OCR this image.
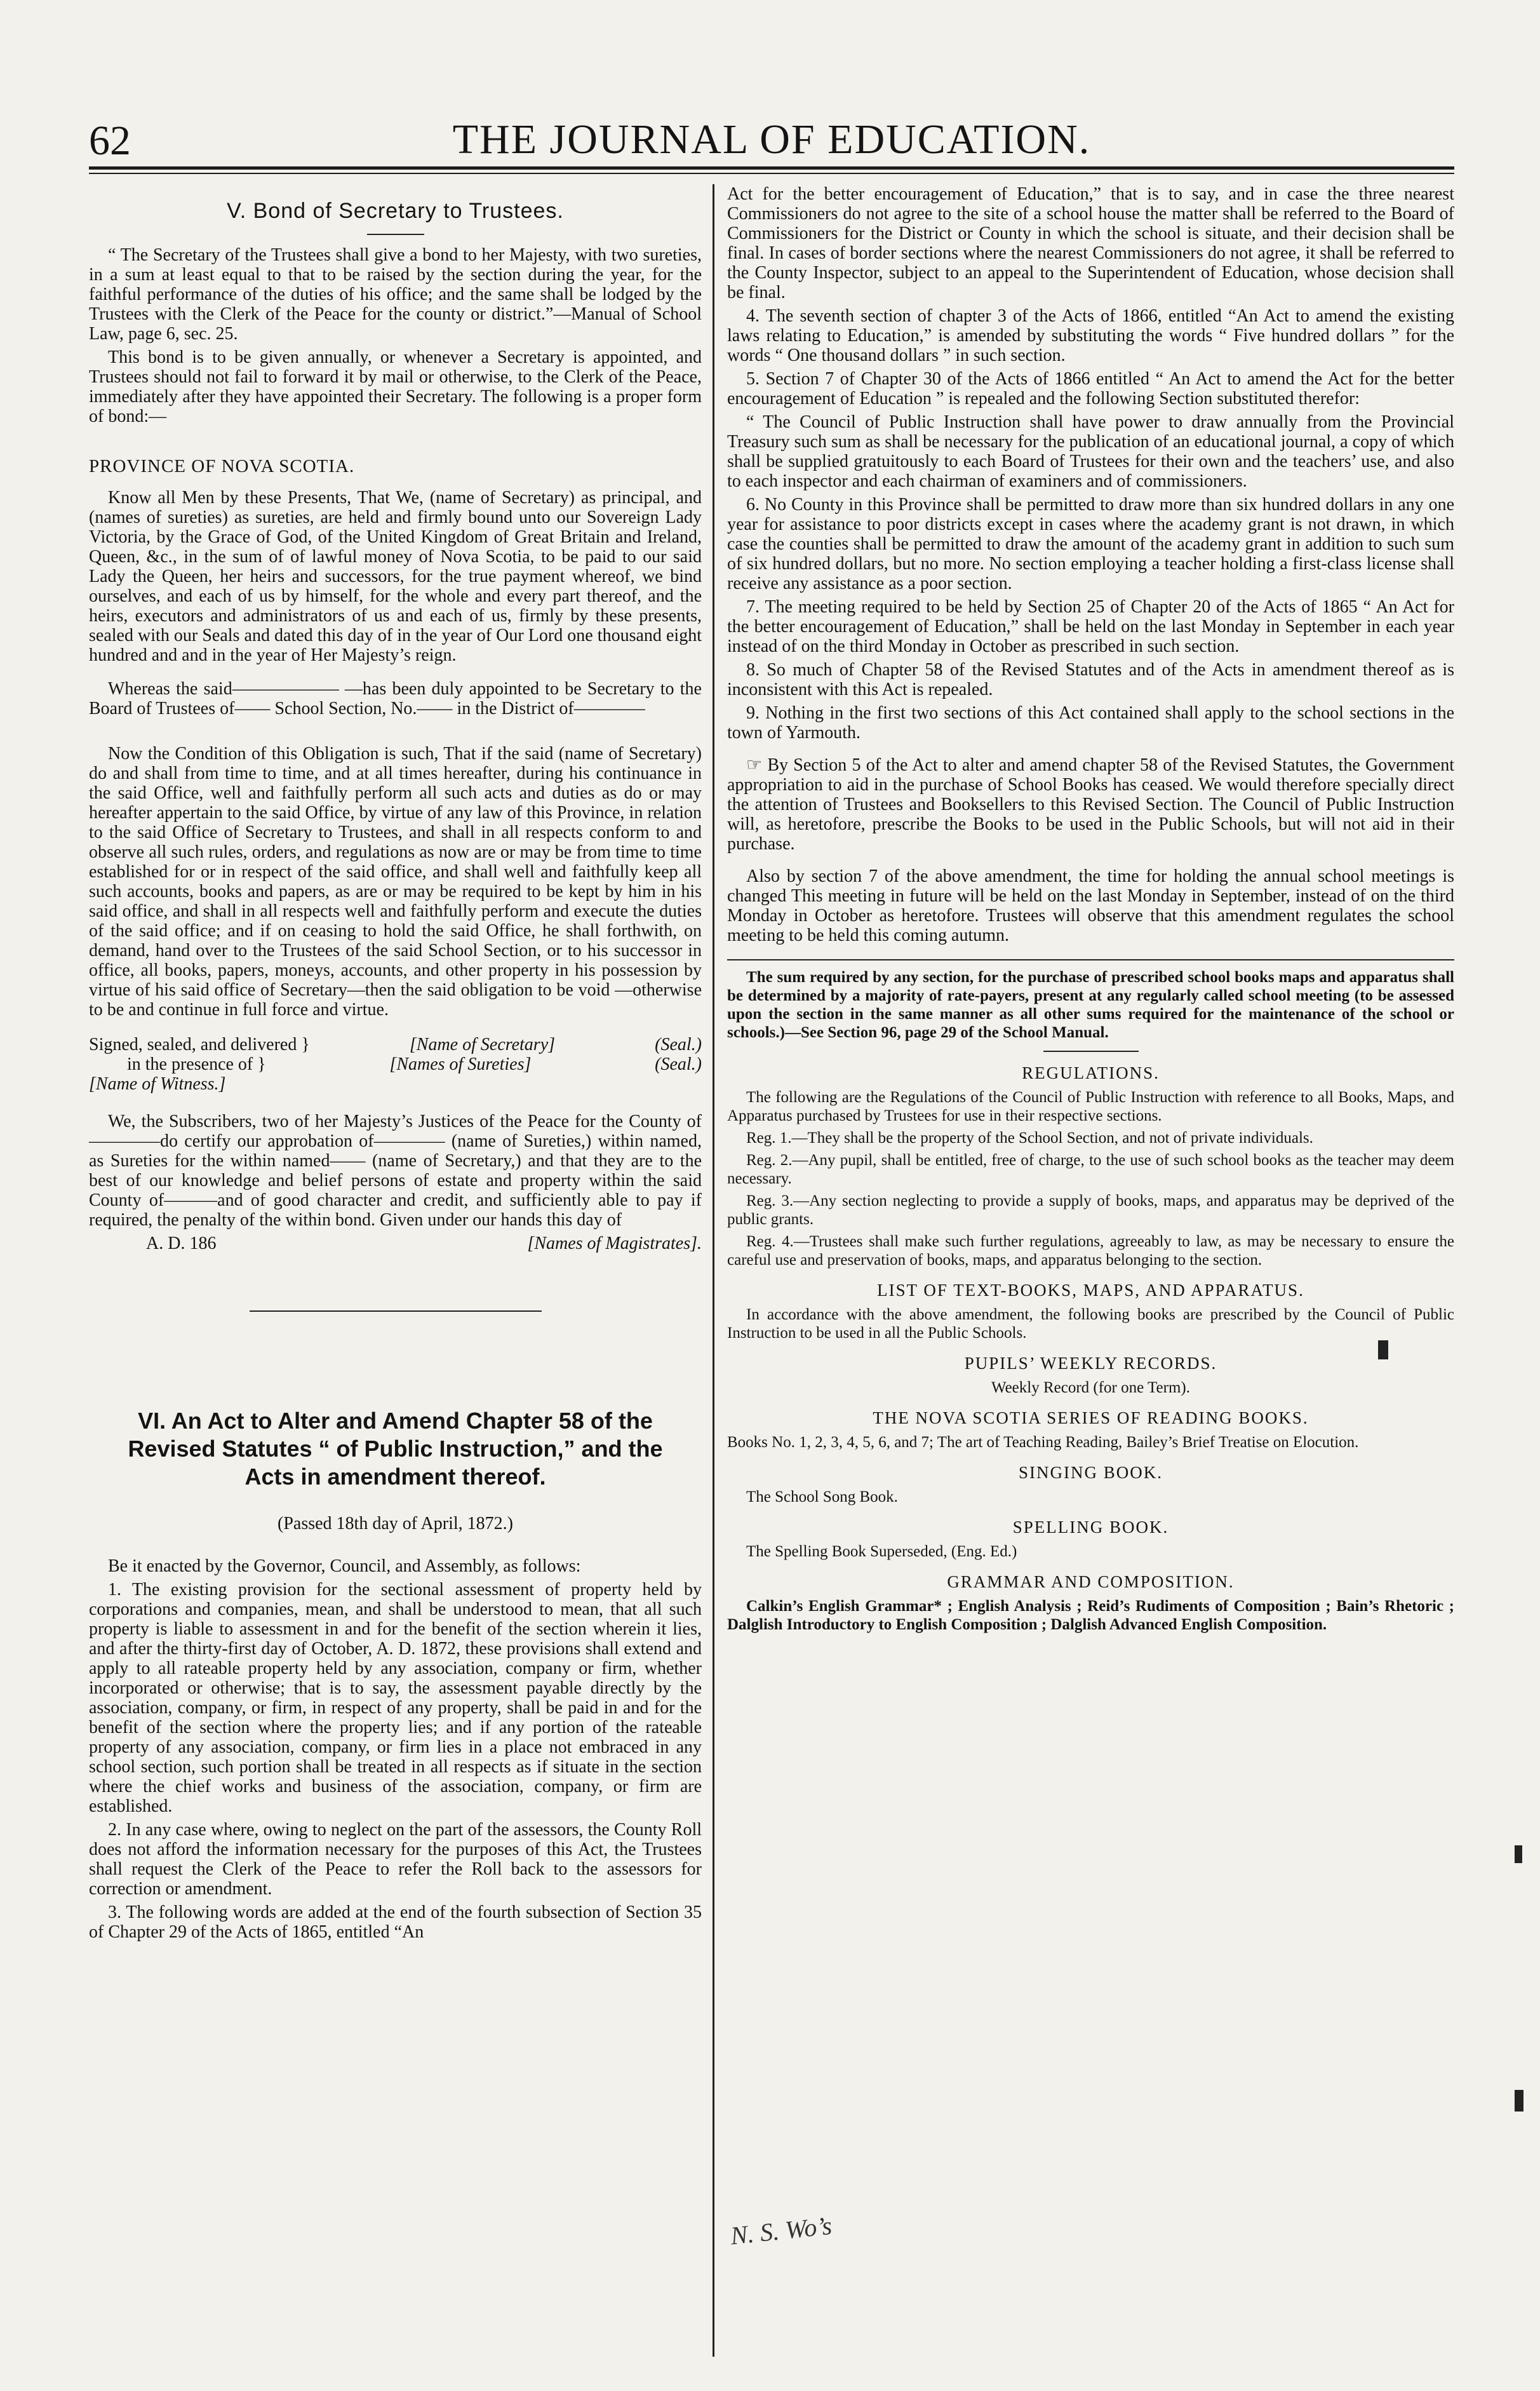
62	THE JOURNAL OF EDUCATION.
V. Bond of Secretary to Trustees.

“ The Secretary of the Trustees shall give a bond to her Majesty, with two sureties, in a sum at least equal to that to be raised by the section during the year, for the faithful performance of the duties of his office; and the same shall be lodged by the Trustees with the Clerk of the Peace for the county or district.”—Manual of School Law, page 6, sec. 25.

This bond is to be given annually, or whenever a Secretary is appointed, and Trustees should not fail to forward it by mail or otherwise, to the Clerk of the Peace, immediately after they have appointed their Secretary. The following is a proper form of bond:—

PROVINCE OF NOVA SCOTIA.

Know all Men by these Presents, That We, (name of Secretary) as principal, and (names of sureties) as sureties, are held and firmly bound unto our Sovereign Lady Victoria, by the Grace of God, of the United Kingdom of Great Britain and Ireland, Queen, &c., in the sum of of lawful money of Nova Scotia, to be paid to our said Lady the Queen, her heirs and successors, for the true payment whereof, we bind ourselves, and each of us by himself, for the whole and every part thereof, and the heirs, executors and administrators of us and each of us, firmly by these presents, sealed with our Seals and dated this day of in the year of Our Lord one thousand eight hundred and and in the year of Her Majesty’s reign.

Whereas the said—————— —has been duly appointed to be Secretary to the Board of Trustees of—— School Section, No.—— in the District of————

Now the Condition of this Obligation is such, That if the said (name of Secretary) do and shall from time to time, and at all times hereafter, during his continuance in the said Office, well and faithfully perform all such acts and duties as do or may hereafter appertain to the said Office, by virtue of any law of this Province, in relation to the said Office of Secretary to Trustees, and shall in all respects conform to and observe all such rules, orders, and regulations as now are or may be from time to time established for or in respect of the said office, and shall well and faithfully keep all such accounts, books and papers, as are or may be required to be kept by him in his said office, and shall in all respects well and faithfully perform and execute the duties of the said office; and if on ceasing to hold the said Office, he shall forthwith, on demand, hand over to the Trustees of the said School Section, or to his successor in office, all books, papers, moneys, accounts, and other property in his possession by virtue of his said office of Secretary—then the said obligation to be void —otherwise to be and continue in full force and virtue.

Signed, sealed, and delivered }	[Name of Secretary]	(Seal.)
in the presence of }	[Names of Sureties]	(Seal.)
[Name of Witness.]

We, the Subscribers, two of her Majesty’s Justices of the Peace for the County of————do certify our approbation of———— (name of Sureties,) within named, as Sureties for the within named—— (name of Secretary,) and that they are to the best of our knowledge and belief persons of estate and property within the said County of———and of good character and credit, and sufficiently able to pay if required, the penalty of the within bond. Given under our hands this day of

A. D. 186	[Names of Magistrates].
VI. An Act to Alter and Amend Chapter 58 of the
Revised Statutes “ of Public Instruction,” and the
Acts in amendment thereof.
(Passed 18th day of April, 1872.)

Be it enacted by the Governor, Council, and Assembly, as follows:

1. The existing provision for the sectional assessment of property held by corporations and companies, mean, and shall be understood to mean, that all such property is liable to assessment in and for the benefit of the section wherein it lies, and after the thirty-first day of October, A. D. 1872, these provisions shall extend and apply to all rateable property held by any association, company or firm, whether incorporated or otherwise; that is to say, the assessment payable directly by the association, company, or firm, in respect of any property, shall be paid in and for the benefit of the section where the property lies; and if any portion of the rateable property of any association, company, or firm lies in a place not embraced in any school section, such portion shall be treated in all respects as if situate in the section where the chief works and business of the association, company, or firm are established.

2. In any case where, owing to neglect on the part of the assessors, the County Roll does not afford the information necessary for the purposes of this Act, the Trustees shall request the Clerk of the Peace to refer the Roll back to the assessors for correction or amendment.

3. The following words are added at the end of the fourth subsection of Section 35 of Chapter 29 of the Acts of 1865, entitled “An

Act for the better encouragement of Education,” that is to say, and in case the three nearest Commissioners do not agree to the site of a school house the matter shall be referred to the Board of Commissioners for the District or County in which the school is situate, and their decision shall be final. In cases of border sections where the nearest Commissioners do not agree, it shall be referred to the County Inspector, subject to an appeal to the Superintendent of Education, whose decision shall be final.

4. The seventh section of chapter 3 of the Acts of 1866, entitled “An Act to amend the existing laws relating to Education,” is amended by substituting the words “ Five hundred dollars ” for the words “ One thousand dollars ” in such section.

5. Section 7 of Chapter 30 of the Acts of 1866 entitled “ An Act to amend the Act for the better encouragement of Education ” is repealed and the following Section substituted therefor:

“ The Council of Public Instruction shall have power to draw annually from the Provincial Treasury such sum as shall be necessary for the publication of an educational journal, a copy of which shall be supplied gratuitously to each Board of Trustees for their own and the teachers’ use, and also to each inspector and each chairman of examiners and of commissioners.

6. No County in this Province shall be permitted to draw more than six hundred dollars in any one year for assistance to poor districts except in cases where the academy grant is not drawn, in which case the counties shall be permitted to draw the amount of the academy grant in addition to such sum of six hundred dollars, but no more. No section employing a teacher holding a first-class license shall receive any assistance as a poor section.

7. The meeting required to be held by Section 25 of Chapter 20 of the Acts of 1865 “ An Act for the better encouragement of Education,” shall be held on the last Monday in September in each year instead of on the third Monday in October as prescribed in such section.

8. So much of Chapter 58 of the Revised Statutes and of the Acts in amendment thereof as is inconsistent with this Act is repealed.

9. Nothing in the first two sections of this Act contained shall apply to the school sections in the town of Yarmouth.

☞ By Section 5 of the Act to alter and amend chapter 58 of the Revised Statutes, the Government appropriation to aid in the purchase of School Books has ceased. We would therefore specially direct the attention of Trustees and Booksellers to this Revised Section. The Council of Public Instruction will, as heretofore, prescribe the Books to be used in the Public Schools, but will not aid in their purchase.

Also by section 7 of the above amendment, the time for holding the annual school meetings is changed This meeting in future will be held on the last Monday in September, instead of on the third Monday in October as heretofore. Trustees will observe that this amendment regulates the school meeting to be held this coming autumn.

The sum required by any section, for the purchase of prescribed school books maps and apparatus shall be determined by a majority of rate-payers, present at any regularly called school meeting (to be assessed upon the section in the same manner as all other sums required for the maintenance of the school or schools.)—See Section 96, page 29 of the School Manual.

REGULATIONS.

The following are the Regulations of the Council of Public Instruction with reference to all Books, Maps, and Apparatus purchased by Trustees for use in their respective sections.

Reg. 1.—They shall be the property of the School Section, and not of private individuals.

Reg. 2.—Any pupil, shall be entitled, free of charge, to the use of such school books as the teacher may deem necessary.

Reg. 3.—Any section neglecting to provide a supply of books, maps, and apparatus may be deprived of the public grants.

Reg. 4.—Trustees shall make such further regulations, agreeably to law, as may be necessary to ensure the careful use and preservation of books, maps, and apparatus belonging to the section.

LIST OF TEXT-BOOKS, MAPS, AND APPARATUS.

In accordance with the above amendment, the following books are prescribed by the Council of Public Instruction to be used in all the Public Schools.

PUPILS’ WEEKLY RECORDS.
Weekly Record (for one Term).
THE NOVA SCOTIA SERIES OF READING BOOKS.

Books No. 1, 2, 3, 4, 5, 6, and 7; The art of Teaching Reading, Bailey’s Brief Treatise on Elocution.

SINGING BOOK.

The School Song Book.

SPELLING BOOK.

The Spelling Book Superseded, (Eng. Ed.)

GRAMMAR AND COMPOSITION.

Calkin’s English Grammar* ; English Analysis ; Reid’s Rudiments of Composition ; Bain’s Rhetoric ; Dalglish Introductory to English Composition ; Dalglish Advanced English Composition.

N. S. Wo’s
